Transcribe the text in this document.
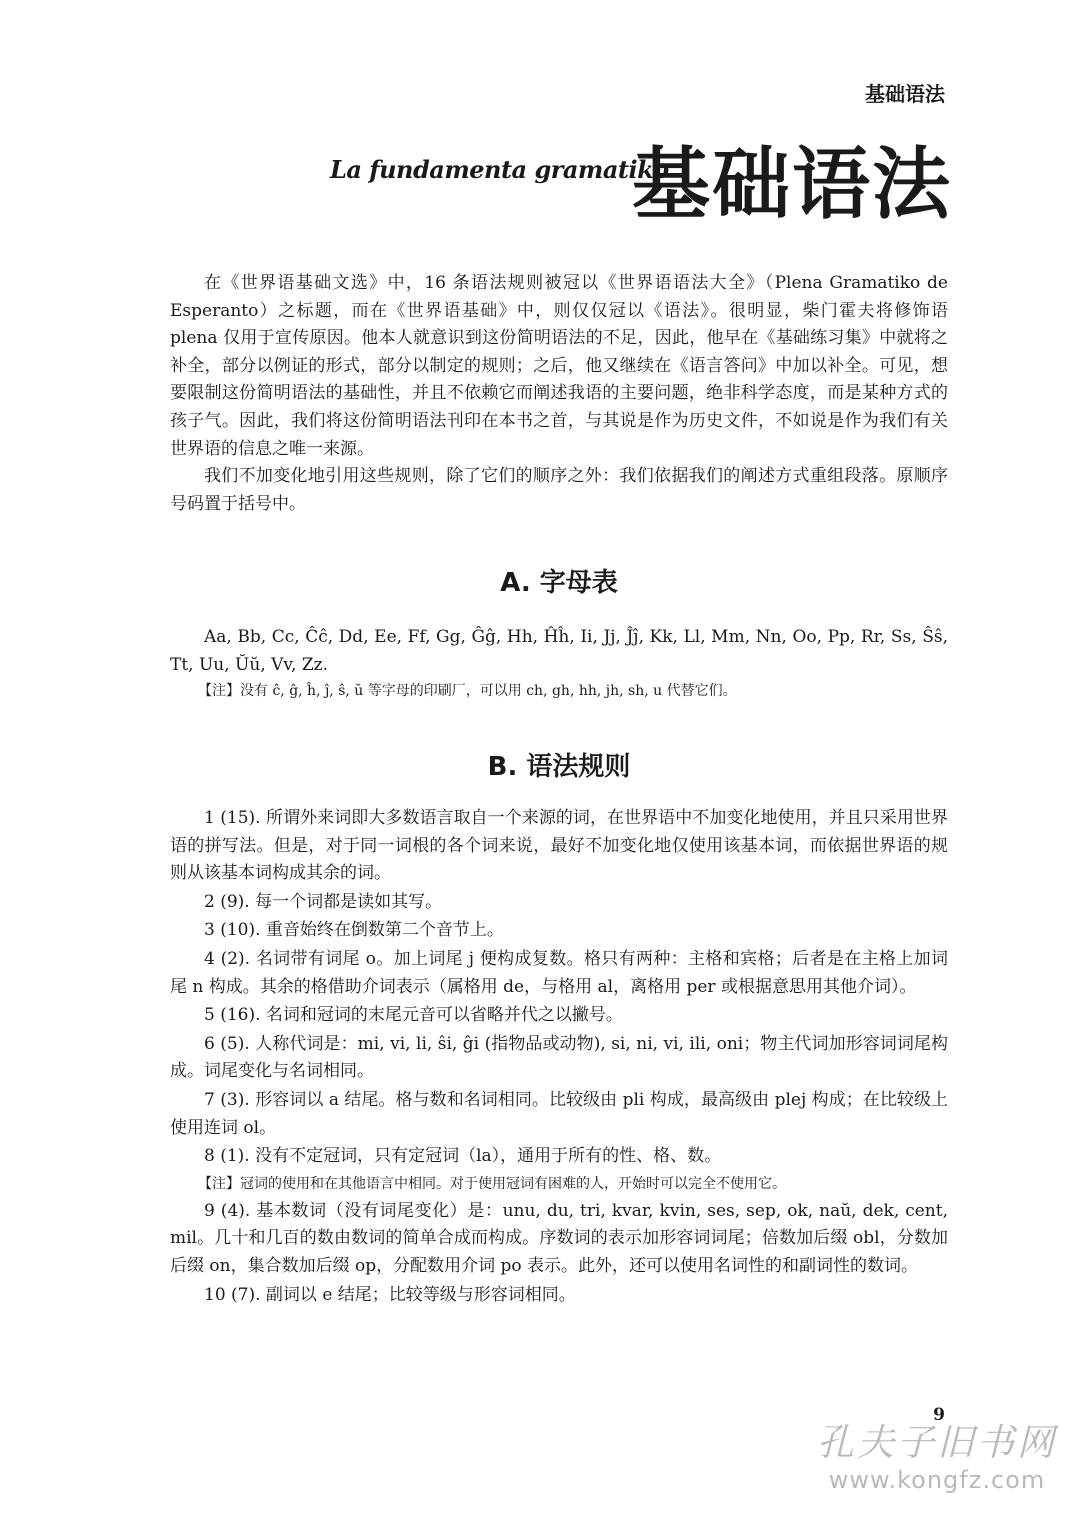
基础语法
La fundamenta gramatiko
基础语法

在《世界语基础文选》中，16 条语法规则被冠以《世界语语法大全》（Plena Gramatiko de Esperanto）之标题，而在《世界语基础》中，则仅仅冠以《语法》。很明显，柴门霍夫将修饰语 plena 仅用于宣传原因。他本人就意识到这份简明语法的不足，因此，他早在《基础练习集》中就将之补全，部分以例证的形式，部分以制定的规则；之后，他又继续在《语言答问》中加以补全。可见，想要限制这份简明语法的基础性，并且不依赖它而阐述我语的主要问题，绝非科学态度，而是某种方式的孩子气。因此，我们将这份简明语法刊印在本书之首，与其说是作为历史文件，不如说是作为我们有关世界语的信息之唯一来源。

我们不加变化地引用这些规则，除了它们的顺序之外：我们依据我们的阐述方式重组段落。原顺序号码置于括号中。

A. 字母表

Aa, Bb, Cc, Ĉĉ, Dd, Ee, Ff, Gg, Ĝĝ, Hh, Ĥĥ, Ii, Jj, Ĵĵ, Kk, Ll, Mm, Nn, Oo, Pp, Rr, Ss, Ŝŝ, Tt, Uu, Ŭŭ, Vv, Zz.

【注】没有 ĉ, ĝ, ĥ, ĵ, ŝ, ŭ 等字母的印刷厂，可以用 ch, gh, hh, jh, sh, u 代替它们。

B. 语法规则

1 (15). 所谓外来词即大多数语言取自一个来源的词，在世界语中不加变化地使用，并且只采用世界语的拼写法。但是，对于同一词根的各个词来说，最好不加变化地仅使用该基本词，而依据世界语的规则从该基本词构成其余的词。

2 (9). 每一个词都是读如其写。

3 (10). 重音始终在倒数第二个音节上。

4 (2). 名词带有词尾 o。加上词尾 j 便构成复数。格只有两种：主格和宾格；后者是在主格上加词尾 n 构成。其余的格借助介词表示（属格用 de，与格用 al，离格用 per 或根据意思用其他介词）。

5 (16). 名词和冠词的末尾元音可以省略并代之以撇号。

6 (5). 人称代词是：mi, vi, li, ŝi, ĝi (指物品或动物), si, ni, vi, ili, oni；物主代词加形容词词尾构成。词尾变化与名词相同。

7 (3). 形容词以 a 结尾。格与数和名词相同。比较级由 pli 构成，最高级由 plej 构成；在比较级上使用连词 ol。

8 (1). 没有不定冠词，只有定冠词（la），通用于所有的性、格、数。

【注】冠词的使用和在其他语言中相同。对于使用冠词有困难的人，开始时可以完全不使用它。

9 (4). 基本数词（没有词尾变化）是：unu, du, tri, kvar, kvin, ses, sep, ok, naŭ, dek, cent, mil。几十和几百的数由数词的简单合成而构成。序数词的表示加形容词词尾；倍数加后缀 obl，分数加后缀 on，集合数加后缀 op，分配数用介词 po 表示。此外，还可以使用名词性的和副词性的数词。

10 (7). 副词以 e 结尾；比较等级与形容词相同。

9
孔夫子旧书网
www.kongfz.com
